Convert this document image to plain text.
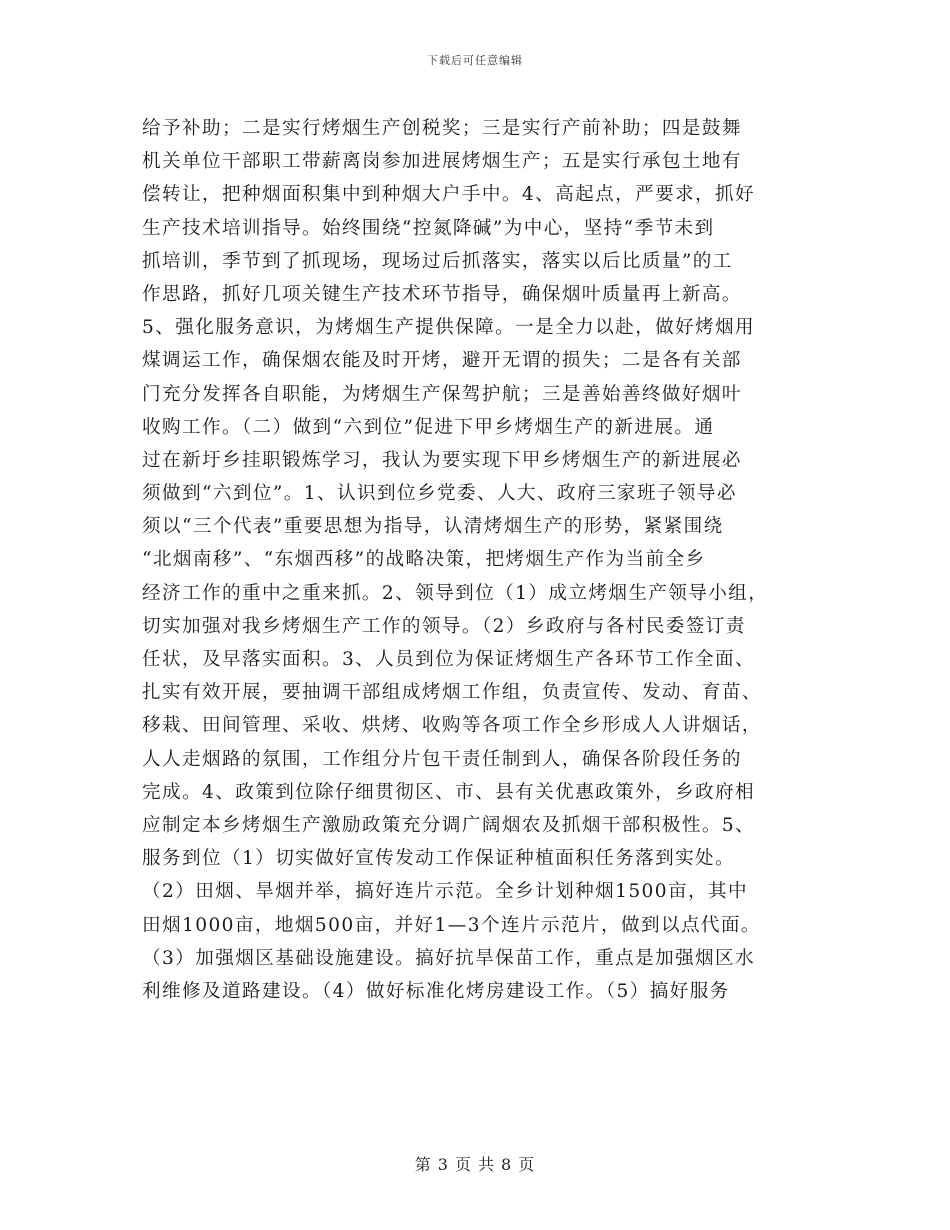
下载后可任意编辑
给予补助；二是实行烤烟生产创税奖；三是实行产前补助；四是鼓舞
机关单位干部职工带薪离岗参加进展烤烟生产；五是实行承包土地有
偿转让，把种烟面积集中到种烟大户手中。4、高起点，严要求，抓好
生产技术培训指导。始终围绕“控氮降碱”为中心，坚持“季节未到
抓培训，季节到了抓现场，现场过后抓落实，落实以后比质量”的工
作思路，抓好几项关键生产技术环节指导，确保烟叶质量再上新高。
5、强化服务意识，为烤烟生产提供保障。一是全力以赴，做好烤烟用
煤调运工作，确保烟农能及时开烤，避开无谓的损失；二是各有关部
门充分发挥各自职能，为烤烟生产保驾护航；三是善始善终做好烟叶
收购工作。（二）做到“六到位”促进下甲乡烤烟生产的新进展。通
过在新圩乡挂职锻炼学习，我认为要实现下甲乡烤烟生产的新进展必
须做到“六到位”。1、认识到位乡党委、人大、政府三家班子领导必
须以“三个代表”重要思想为指导，认清烤烟生产的形势，紧紧围绕
“北烟南移”、“东烟西移”的战略决策，把烤烟生产作为当前全乡
经济工作的重中之重来抓。2、领导到位（1）成立烤烟生产领导小组，
切实加强对我乡烤烟生产工作的领导。（2）乡政府与各村民委签订责
任状，及早落实面积。3、人员到位为保证烤烟生产各环节工作全面、
扎实有效开展，要抽调干部组成烤烟工作组，负责宣传、发动、育苗、
移栽、田间管理、采收、烘烤、收购等各项工作全乡形成人人讲烟话，
人人走烟路的氛围，工作组分片包干责任制到人，确保各阶段任务的
完成。4、政策到位除仔细贯彻区、市、县有关优惠政策外，乡政府相
应制定本乡烤烟生产激励政策充分调广阔烟农及抓烟干部积极性。5、
服务到位（1）切实做好宣传发动工作保证种植面积任务落到实处。
（2）田烟、旱烟并举，搞好连片示范。全乡计划种烟1500亩，其中
田烟1000亩，地烟500亩，并好1—3个连片示范片，做到以点代面。
（3）加强烟区基础设施建设。搞好抗旱保苗工作，重点是加强烟区水
利维修及道路建设。（4）做好标准化烤房建设工作。（5）搞好服务
第 3 页 共 8 页
